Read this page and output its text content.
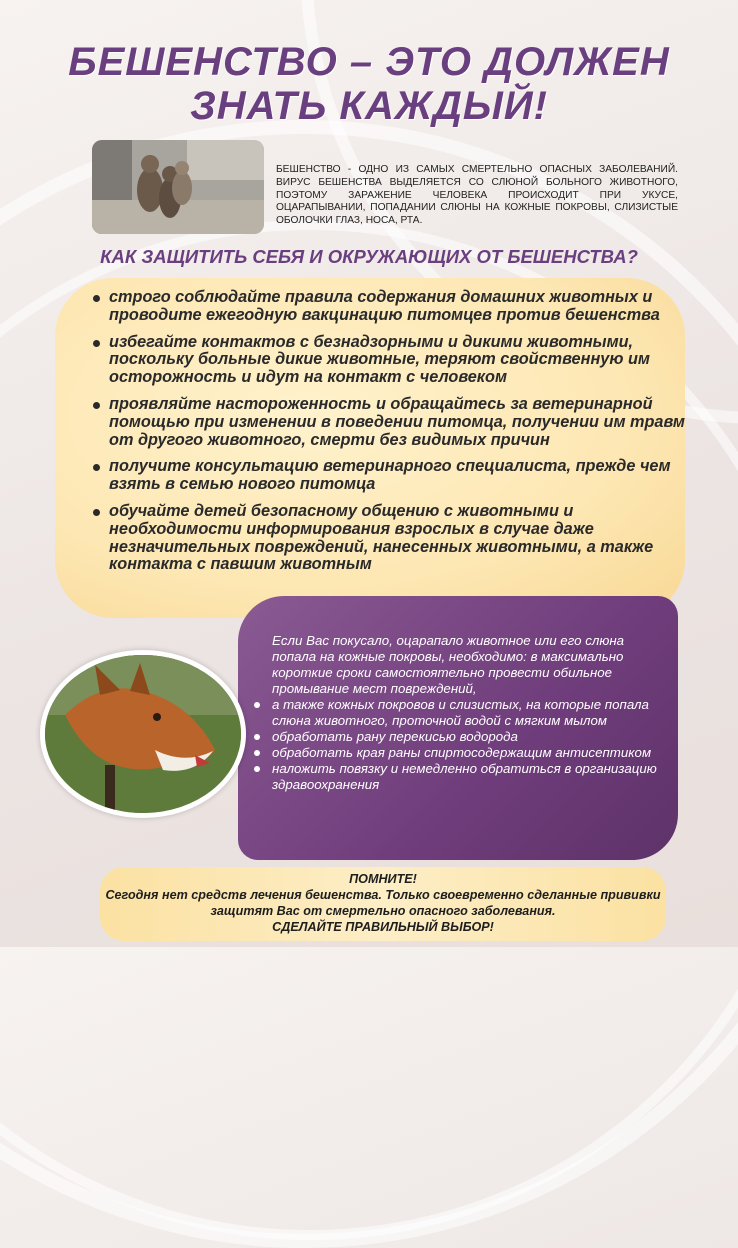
БЕШЕНСТВО – ЭТО ДОЛЖЕН
ЗНАТЬ КАЖДЫЙ!
БЕШЕНСТВО - ОДНО ИЗ САМЫХ СМЕРТЕЛЬНО ОПАСНЫХ ЗАБОЛЕВАНИЙ. ВИРУС БЕШЕНСТВА ВЫДЕЛЯЕТСЯ СО СЛЮНОЙ БОЛЬНОГО ЖИВОТНОГО, ПОЭТОМУ ЗАРАЖЕНИЕ ЧЕЛОВЕКА ПРОИСХОДИТ ПРИ УКУСЕ, ОЦАРАПЫВАНИИ, ПОПАДАНИИ СЛЮНЫ НА КОЖНЫЕ ПОКРОВЫ, СЛИЗИСТЫЕ ОБОЛОЧКИ ГЛАЗ, НОСА, РТА.
КАК ЗАЩИТИТЬ СЕБЯ И ОКРУЖАЮЩИХ ОТ БЕШЕНСТВА?
строго соблюдайте правила содержания домашних животных и проводите ежегодную вакцинацию питомцев против бешенства
избегайте контактов с безнадзорными и дикими животными, поскольку больные дикие животные, теряют свойственную им осторожность и идут на контакт с человеком
проявляйте настороженность и обращайтесь за ветеринарной помощью при изменении в поведении питомца, получении им травм от другого животного, смерти без видимых причин
получите консультацию ветеринарного специалиста, прежде чем взять в семью нового питомца
обучайте детей безопасному общению с животными и необходимости информирования взрослых в случае даже незначительных повреждений, нанесенных животными, а также контакта с павшим животным

Если Вас покусало, оцарапало животное или его слюна попала на кожные покровы, необходимо: в максимально короткие сроки самостоятельно провести обильное промывание мест повреждений,

а также кожных покровов и слизистых, на которые попала слюна животного, проточной водой с мягким мылом
обработать рану перекисью водорода
обработать края раны спиртосодержащим антисептиком
наложить повязку и немедленно обратиться в организацию здравоохранения
ПОМНИТЕ!
Сегодня нет средств лечения бешенства. Только своевременно сделанные прививки защитят Вас от смертельно опасного заболевания.
СДЕЛАЙТЕ ПРАВИЛЬНЫЙ ВЫБОР!
